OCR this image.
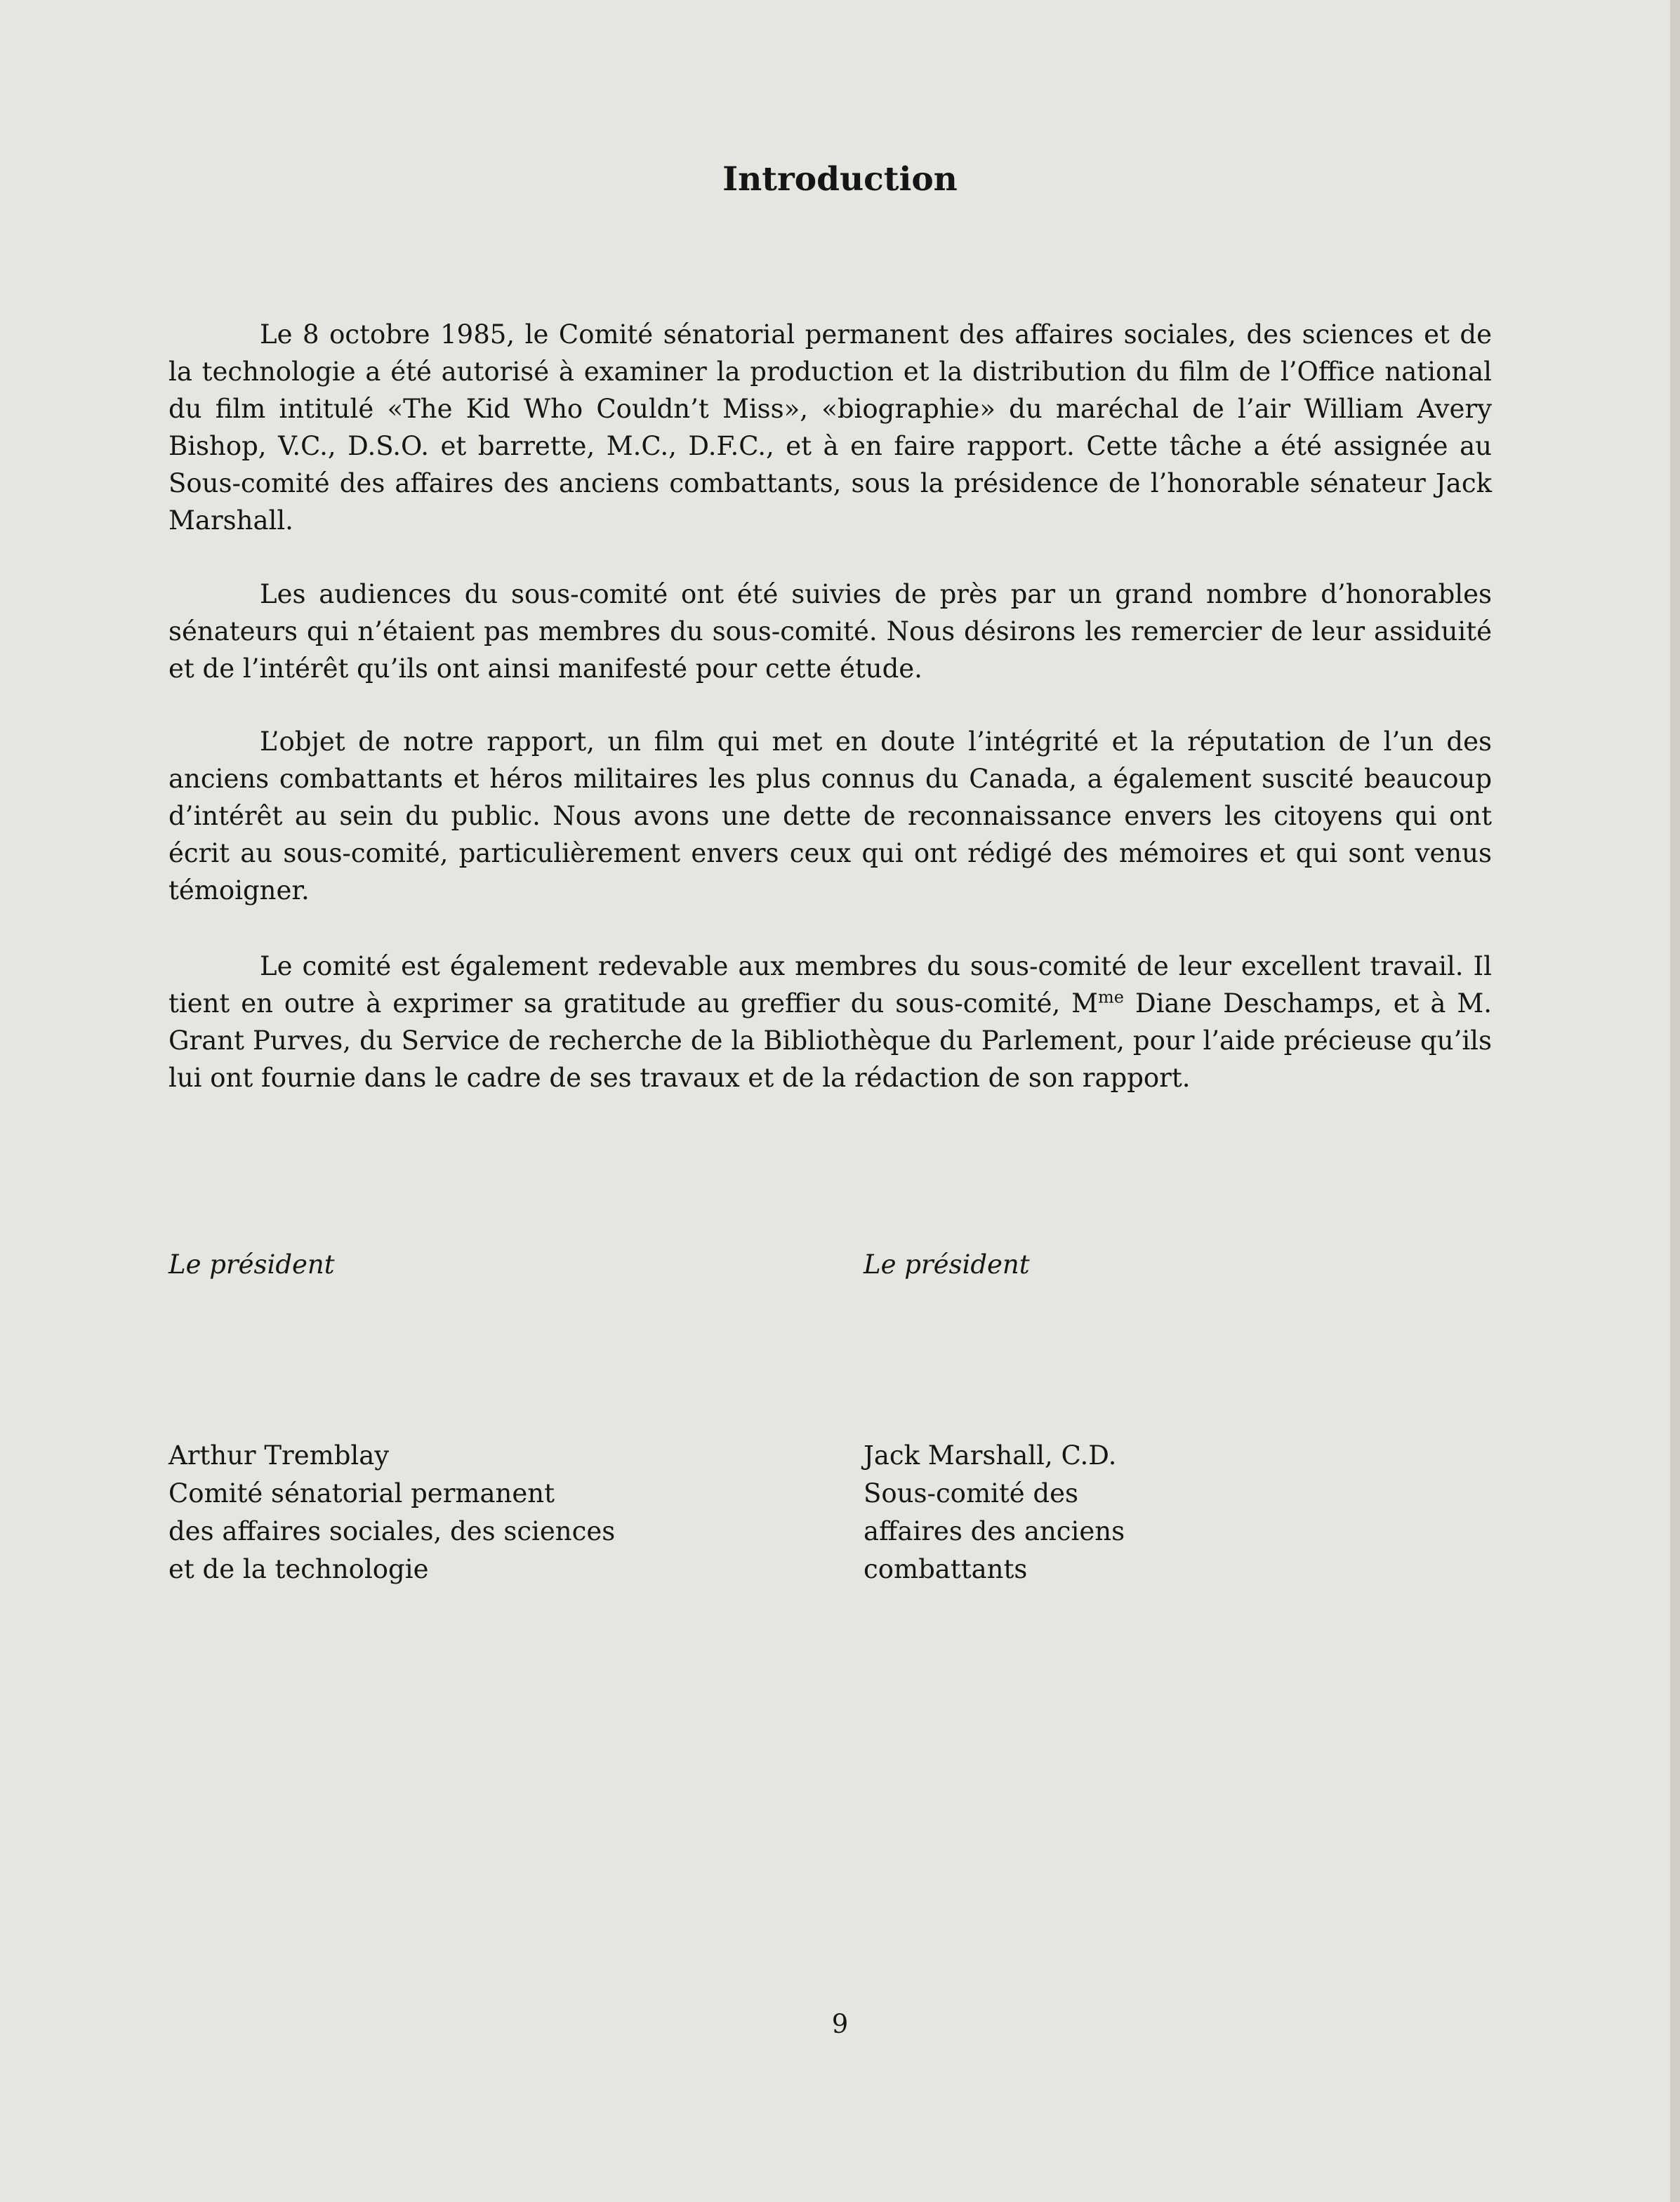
Introduction

Le 8 octobre 1985, le Comité sénatorial permanent des affaires sociales, des sciences et de la technologie a été autorisé à examiner la production et la distribution du film de l’Office national du film intitulé «The Kid Who Couldn’t Miss», «biographie» du maréchal de l’air William Avery Bishop, V.C., D.S.O. et barrette, M.C., D.F.C., et à en faire rapport. Cette tâche a été assignée au Sous-comité des affaires des anciens combattants, sous la présidence de l’honorable sénateur Jack Marshall.

Les audiences du sous-comité ont été suivies de près par un grand nombre d’honorables sénateurs qui n’étaient pas membres du sous-comité. Nous désirons les remercier de leur assiduité et de l’intérêt qu’ils ont ainsi manifesté pour cette étude.

L’objet de notre rapport, un film qui met en doute l’intégrité et la réputation de l’un des anciens combattants et héros militaires les plus connus du Canada, a également suscité beaucoup d’intérêt au sein du public. Nous avons une dette de reconnaissance envers les citoyens qui ont écrit au sous-comité, particulièrement envers ceux qui ont rédigé des mémoires et qui sont venus témoigner.

Le comité est également redevable aux membres du sous-comité de leur excellent travail. Il tient en outre à exprimer sa gratitude au greffier du sous-comité, $M^{me}$ Diane Deschamps, et à M. Grant Purves, du Service de recherche de la Bibliothèque du Parlement, pour l’aide précieuse qu’ils lui ont fournie dans le cadre de ses travaux et de la rédaction de son rapport.

Le président

Arthur Tremblay
Comité sénatorial permanent
des affaires sociales, des sciences
et de la technologie

Le président

Jack Marshall, C.D.
Sous-comité des
affaires des anciens
combattants
9
